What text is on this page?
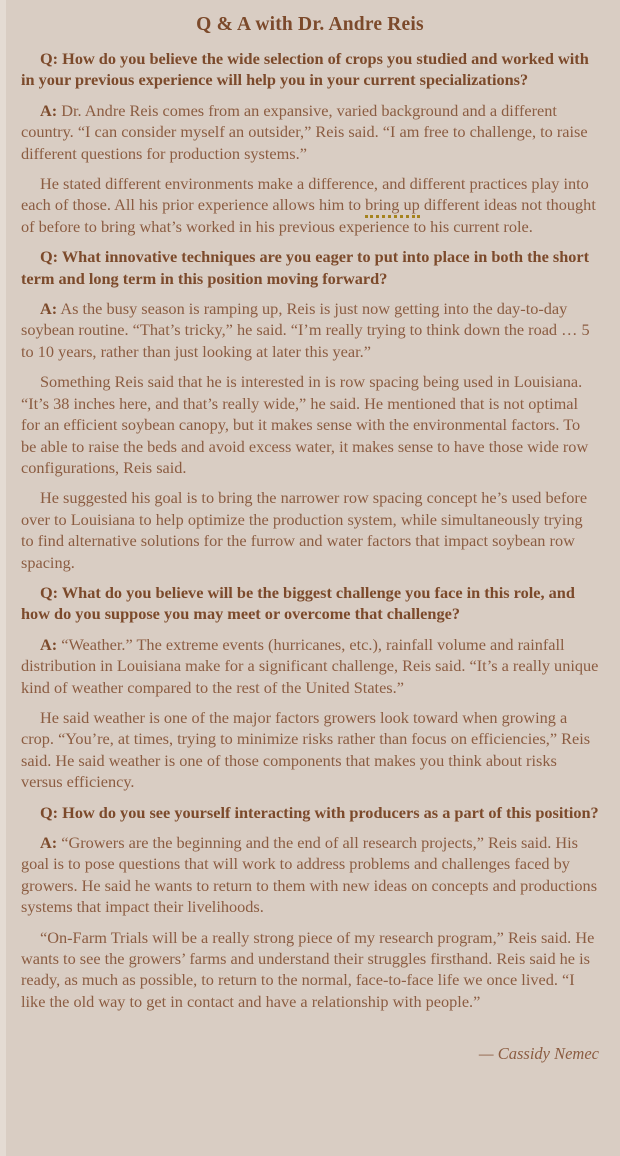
Q & A with Dr. Andre Reis

Q: How do you believe the wide selection of crops you studied and worked with in your previous experience will help you in your current specializations?

A: Dr. Andre Reis comes from an expansive, varied background and a different country. “I can consider myself an outsider,” Reis said. “I am free to challenge, to raise different questions for production systems.”

He stated different environments make a difference, and different practices play into each of those. All his prior experience allows him to bring up different ideas not thought of before to bring what’s worked in his previous experience to his current role.

Q: What innovative techniques are you eager to put into place in both the short term and long term in this position moving forward?

A: As the busy season is ramping up, Reis is just now getting into the day-to-day soybean routine. “That’s tricky,” he said. “I’m really trying to think down the road … 5 to 10 years, rather than just looking at later this year.”

Something Reis said that he is interested in is row spacing being used in Louisiana. “It’s 38 inches here, and that’s really wide,” he said. He mentioned that is not optimal for an efficient soybean canopy, but it makes sense with the environmental factors. To be able to raise the beds and avoid excess water, it makes sense to have those wide row configurations, Reis said.

He suggested his goal is to bring the narrower row spacing concept he’s used before over to Louisiana to help optimize the production system, while simultaneously trying to find alternative solutions for the furrow and water factors that impact soybean row spacing.

Q: What do you believe will be the biggest challenge you face in this role, and how do you suppose you may meet or overcome that challenge?

A: “Weather.” The extreme events (hurricanes, etc.), rainfall volume and rainfall distribution in Louisiana make for a significant challenge, Reis said. “It’s a really unique kind of weather compared to the rest of the United States.”

He said weather is one of the major factors growers look toward when growing a crop. “You’re, at times, trying to minimize risks rather than focus on efficiencies,” Reis said. He said weather is one of those components that makes you think about risks versus efficiency.

Q: How do you see yourself interacting with producers as a part of this position?

A: “Growers are the beginning and the end of all research projects,” Reis said. His goal is to pose questions that will work to address problems and challenges faced by growers. He said he wants to return to them with new ideas on concepts and productions systems that impact their livelihoods.

“On-Farm Trials will be a really strong piece of my research program,” Reis said. He wants to see the growers’ farms and understand their struggles firsthand. Reis said he is ready, as much as possible, to return to the normal, face-to-face life we once lived. “I like the old way to get in contact and have a relationship with people.”

— Cassidy Nemec
